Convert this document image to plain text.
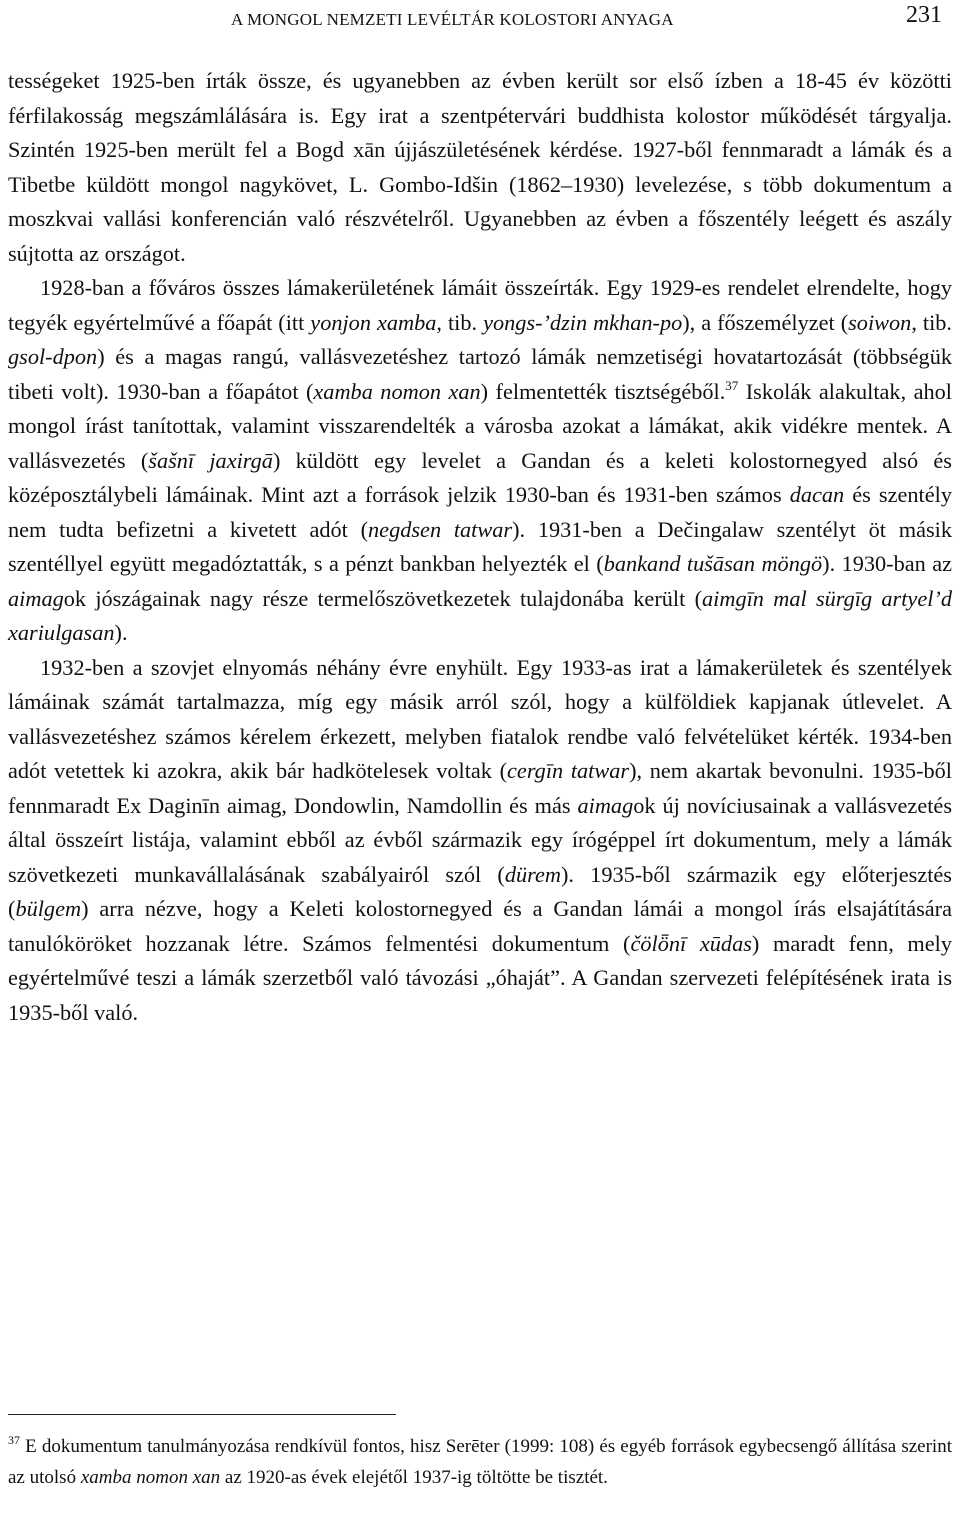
A MONGOL NEMZETI LEVÉLTÁR KOLOSTORI ANYAGA	231

tességeket 1925-ben írták össze, és ugyanebben az évben került sor első ízben a 18-45 év közötti férfilakosság megszámlálására is. Egy irat a szentpétervári buddhista kolostor működését tárgyalja. Szintén 1925-ben merült fel a Bogd xān újjászületésének kérdése. 1927-ből fennmaradt a lámák és a Tibetbe küldött mongol nagykövet, L. Gombo-Idšin (1862–1930) levelezése, s több dokumentum a moszkvai vallási konferencián való részvételről. Ugyanebben az évben a főszentély leégett és aszály sújtotta az országot.

1928-ban a főváros összes lámakerületének lámáit összeírták. Egy 1929-es rendelet elrendelte, hogy tegyék egyértelművé a főapát (itt yonjon xamba, tib. yongs-’dzin mkhan-po), a főszemélyzet (soiwon, tib. gsol-dpon) és a magas rangú, vallásvezetéshez tartozó lámák nemzetiségi hovatartozását (többségük tibeti volt). 1930-ban a főapátot (xamba nomon xan) felmentették tisztségéből.$^{37}$ Iskolák alakultak, ahol mongol írást tanítottak, valamint visszarendelték a városba azokat a lámákat, akik vidékre mentek. A vallásvezetés (šašnī jaxirgā) küldött egy levelet a Gandan és a keleti kolostornegyed alsó és középosztálybeli lámáinak. Mint azt a források jelzik 1930-ban és 1931-ben számos dacan és szentély nem tudta befizetni a kivetett adót (negdsen tatwar). 1931-ben a Dečingalaw szentélyt öt másik szentéllyel együtt megadóztatták, s a pénzt bankban helyezték el (bankand tušāsan möngö). 1930-ban az aimagok jószágainak nagy része termelőszövetkezetek tulajdonába került (aimgīn mal sürgīg artyel’d xariulgasan).

1932-ben a szovjet elnyomás néhány évre enyhült. Egy 1933-as irat a lámakerületek és szentélyek lámáinak számát tartalmazza, míg egy másik arról szól, hogy a külföldiek kapjanak útlevelet. A vallásvezetéshez számos kérelem érkezett, melyben fiatalok rendbe való felvételüket kérték. 1934-ben adót vetettek ki azokra, akik bár hadkötelesek voltak (cergīn tatwar), nem akartak bevonulni. 1935-ből fennmaradt Ex Daginīn aimag, Dondowlin, Namdollin és más aimagok új novíciusainak a vallásvezetés által összeírt listája, valamint ebből az évből származik egy írógéppel írt dokumentum, mely a lámák szövetkezeti munkavállalásának szabályairól szól (dürem). 1935-ből származik egy előterjesztés (bülgem) arra nézve, hogy a Keleti kolostornegyed és a Gandan lámái a mongol írás elsajátítására tanulóköröket hozzanak létre. Számos felmentési dokumentum (čölȫnī xūdas) maradt fenn, mely egyértelművé teszi a lámák szerzetből való távozási „óhaját”. A Gandan szervezeti felépítésének irata is 1935-ből való.

$^{37}$ E dokumentum tanulmányozása rendkívül fontos, hisz Serēter (1999: 108) és egyéb források egybecsengő állítása szerint az utolsó xamba nomon xan az 1920-as évek elejétől 1937-ig töltötte be tisztét.
